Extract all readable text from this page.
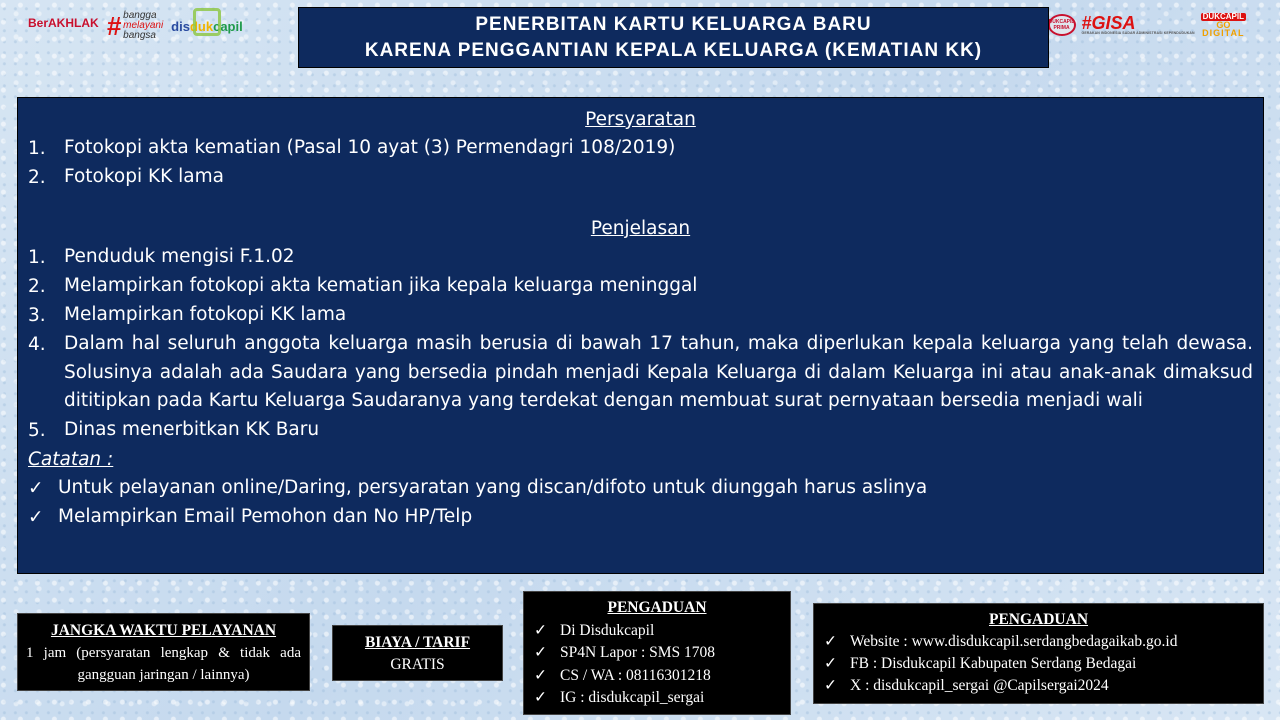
BerAKHLAK
# bangga
melayani
bangsa
disdukcapil	DUKCAPIL PRIMA #GISA
GERAKAN INDONESIA SADAR ADMINISTRASI KEPENDUDUKAN
DUKCAPIL
GO
DIGITAL
PENERBITAN KARTU KELUARGA BARU
KARENA PENGGANTIAN KEPALA KELUARGA (KEMATIAN KK)
Persyaratan
1. Fotokopi akta kematian (Pasal 10 ayat (3) Permendagri 108/2019)
2. Fotokopi KK lama
Penjelasan
1. Penduduk mengisi F.1.02
2. Melampirkan fotokopi akta kematian jika kepala keluarga meninggal
3. Melampirkan fotokopi KK lama
4. Dalam hal seluruh anggota keluarga masih berusia di bawah 17 tahun, maka diperlukan kepala keluarga yang telah dewasa. Solusinya adalah ada Saudara yang bersedia pindah menjadi Kepala Keluarga di dalam Keluarga ini atau anak-anak dimaksud dititipkan pada Kartu Keluarga Saudaranya yang terdekat dengan membuat surat pernyataan bersedia menjadi wali
5. Dinas menerbitkan KK Baru
Catatan :
✓ Untuk pelayanan online/Daring, persyaratan yang discan/difoto untuk diunggah harus aslinya
✓ Melampirkan Email Pemohon dan No HP/Telp
JANGKA WAKTU PELAYANAN
1 jam (persyaratan lengkap & tidak ada gangguan jaringan / lainnya)
BIAYA / TARIF
GRATIS
PENGADUAN
✓ Di Disdukcapil
✓ SP4N Lapor : SMS 1708
✓ CS / WA : 08116301218
✓ IG : disdukcapil_sergai
PENGADUAN
✓ Website : www.disdukcapil.serdangbedagaikab.go.id
✓ FB : Disdukcapil Kabupaten Serdang Bedagai
✓ X : disdukcapil_sergai @Capilsergai2024
